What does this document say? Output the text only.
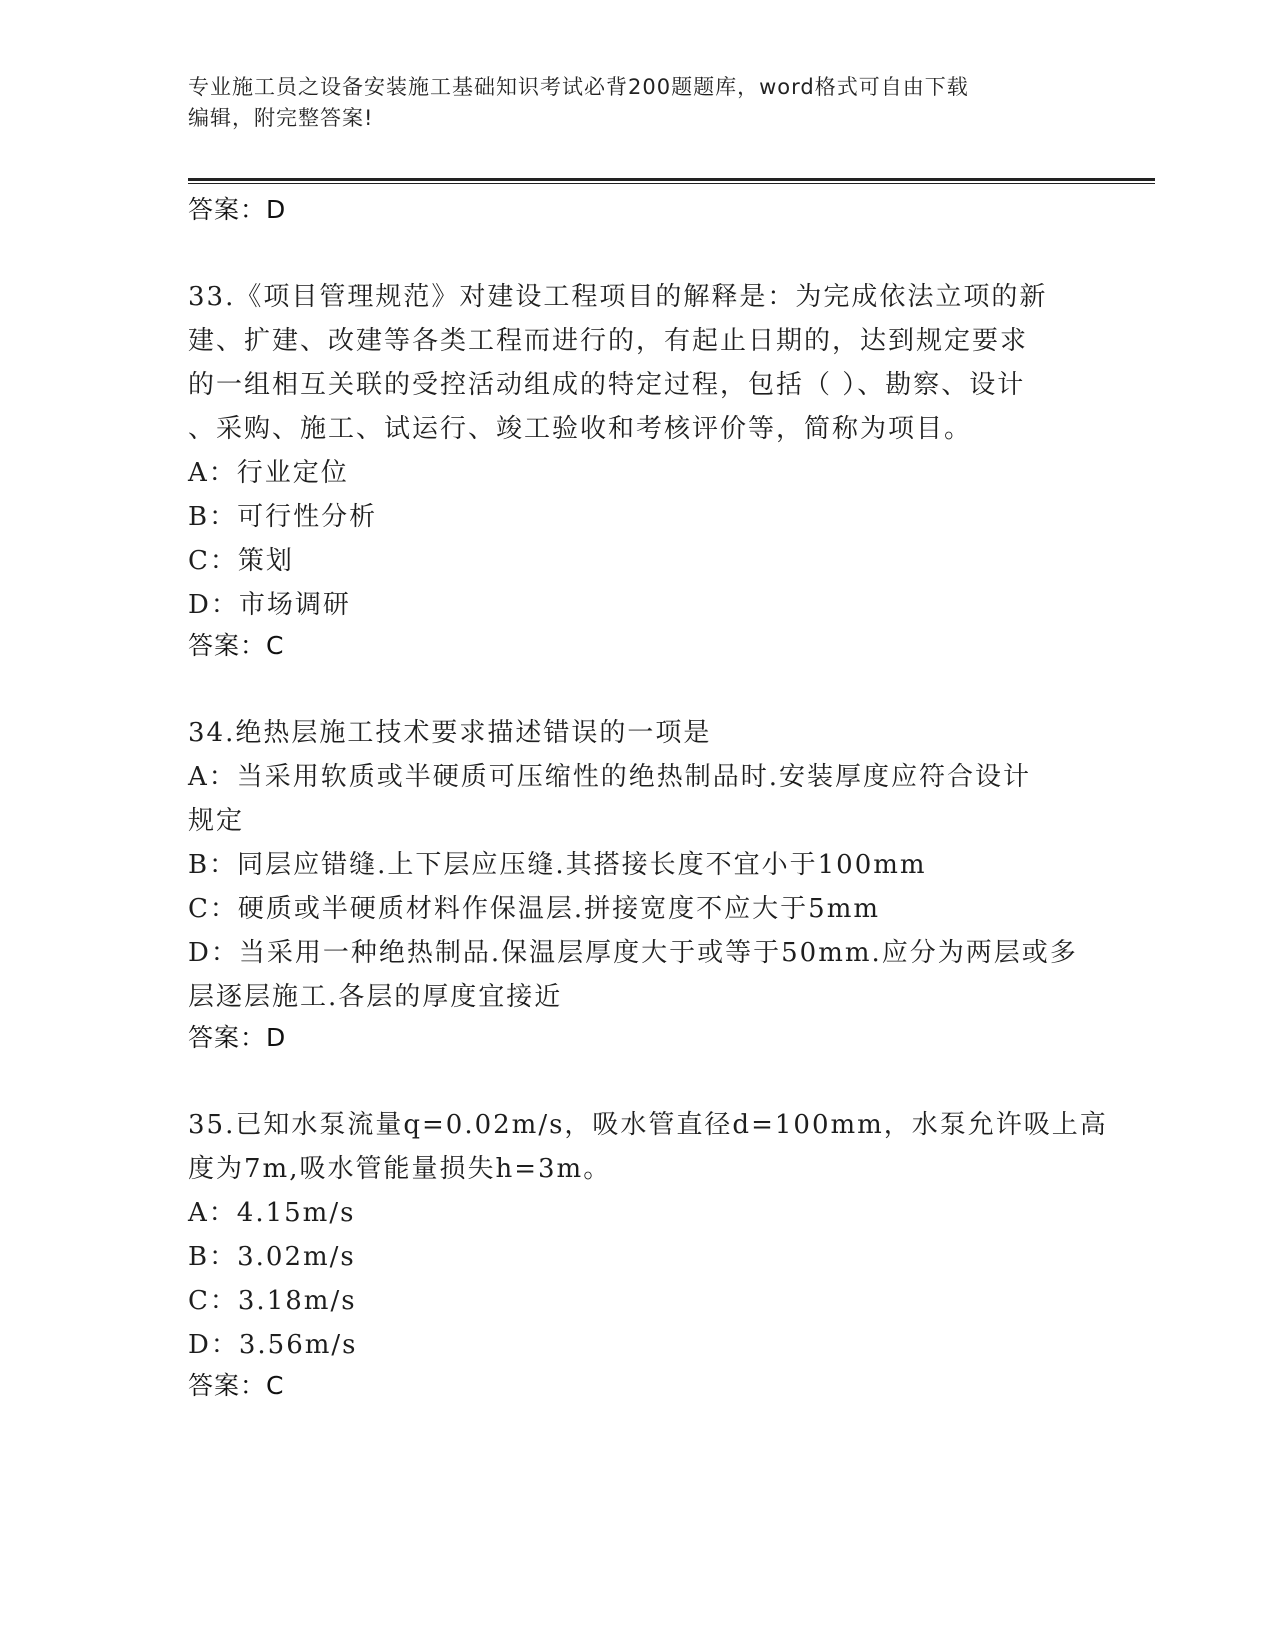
专业施工员之设备安装施工基础知识考试必背200题题库，word格式可自由下载
编辑，附完整答案!
答案：D
33.《项目管理规范》对建设工程项目的解释是：为完成依法立项的新
建、扩建、改建等各类工程而进行的，有起止日期的，达到规定要求
的一组相互关联的受控活动组成的特定过程，包括（ ）、勘察、设计
、采购、施工、试运行、竣工验收和考核评价等，简称为项目。
A：行业定位
B：可行性分析
C：策划
D：市场调研
答案：C
34.绝热层施工技术要求描述错误的一项是
A：当采用软质或半硬质可压缩性的绝热制品时.安装厚度应符合设计
规定
B：同层应错缝.上下层应压缝.其搭接长度不宜小于100mm
C：硬质或半硬质材料作保温层.拼接宽度不应大于5mm
D：当采用一种绝热制品.保温层厚度大于或等于50mm.应分为两层或多
层逐层施工.各层的厚度宜接近
答案：D
35.已知水泵流量q=0.02m/s，吸水管直径d=100mm，水泵允许吸上高
度为7m,吸水管能量损失h=3m。
A：4.15m/s
B：3.02m/s
C：3.18m/s
D：3.56m/s
答案：C
